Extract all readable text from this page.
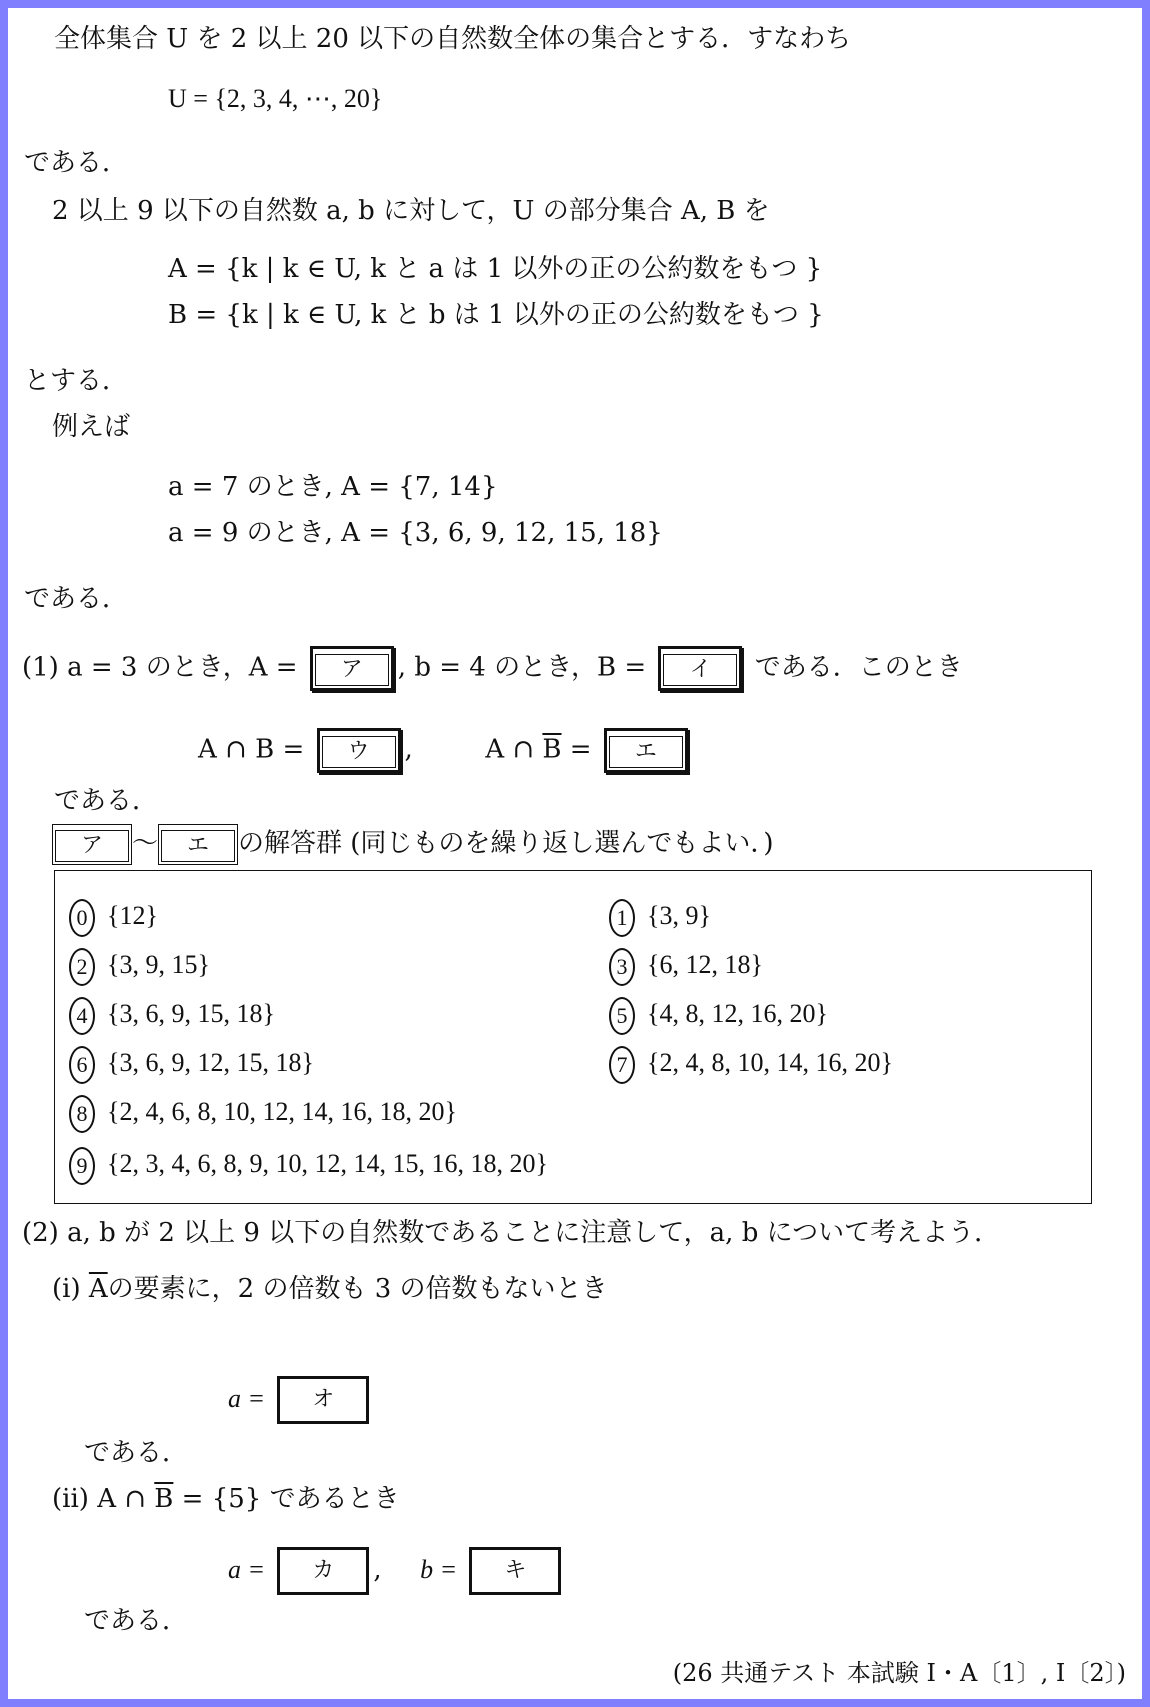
全体集合 U を 2 以上 20 以下の自然数全体の集合とする．すなわち
U = {2, 3, 4, ⋯, 20}
である．
2 以上 9 以下の自然数 a, b に対して，U の部分集合 A, B を
A = {k | k ∈ U, k と a は 1 以外の正の公約数をもつ }
B = {k | k ∈ U, k と b は 1 以外の正の公約数をもつ }
とする．
例えば
a = 7 のとき, A = {7, 14}
a = 9 のとき, A = {3, 6, 9, 12, 15, 18}
である．
(1) a = 3 のとき，A = ア , b = 4 のとき，B = イ である．このとき
A ∩ B = ウ ,	A ∩ $\overline{B}$ = エ
である．
ア 〜 エ の解答群 (同じものを繰り返し選んでもよい．)
0 {12}	1 {3, 9}
2 {3, 9, 15}	3 {6, 12, 18}
4 {3, 6, 9, 15, 18}	5 {4, 8, 12, 16, 20}
6 {3, 6, 9, 12, 15, 18}	7 {2, 4, 8, 10, 14, 16, 20}
8 {2, 4, 6, 8, 10, 12, 14, 16, 18, 20}
9 {2, 3, 4, 6, 8, 9, 10, 12, 14, 15, 16, 18, 20}
(2) a, b が 2 以上 9 以下の自然数であることに注意して，a, b について考えよう．
(i) $\overline{A}$の要素に，2 の倍数も 3 の倍数もないとき
a = オ
である．
(ii) A ∩ $\overline{B} = \{5\}$ であるとき
a = カ , b = キ
である．
(26 共通テスト 本試験 I・A〔1〕, I〔2〕)
